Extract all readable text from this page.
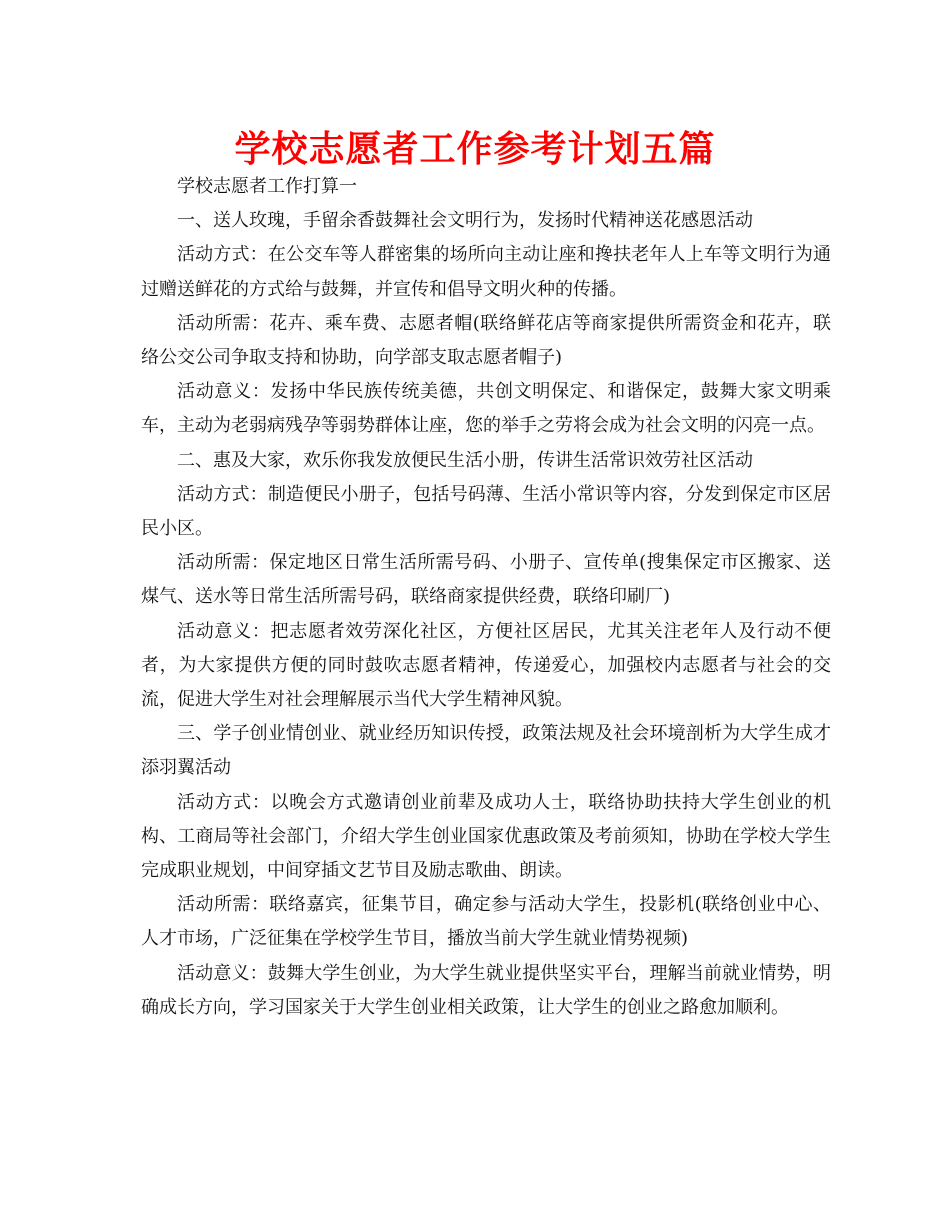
学校志愿者工作参考计划五篇

学校志愿者工作打算一

一、送人玫瑰，手留余香鼓舞社会文明行为，发扬时代精神送花感恩活动

活动方式：在公交车等人群密集的场所向主动让座和搀扶老年人上车等文明行为通过赠送鲜花的方式给与鼓舞，并宣传和倡导文明火种的传播。

活动所需：花卉、乘车费、志愿者帽(联络鲜花店等商家提供所需资金和花卉，联络公交公司争取支持和协助，向学部支取志愿者帽子)

活动意义：发扬中华民族传统美德，共创文明保定、和谐保定，鼓舞大家文明乘车，主动为老弱病残孕等弱势群体让座，您的举手之劳将会成为社会文明的闪亮一点。

二、惠及大家，欢乐你我发放便民生活小册，传讲生活常识效劳社区活动

活动方式：制造便民小册子，包括号码薄、生活小常识等内容，分发到保定市区居民小区。

活动所需：保定地区日常生活所需号码、小册子、宣传单(搜集保定市区搬家、送煤气、送水等日常生活所需号码，联络商家提供经费，联络印刷厂)

活动意义：把志愿者效劳深化社区，方便社区居民，尤其关注老年人及行动不便者，为大家提供方便的同时鼓吹志愿者精神，传递爱心，加强校内志愿者与社会的交流，促进大学生对社会理解展示当代大学生精神风貌。

三、学子创业情创业、就业经历知识传授，政策法规及社会环境剖析为大学生成才添羽翼活动

活动方式：以晚会方式邀请创业前辈及成功人士，联络协助扶持大学生创业的机构、工商局等社会部门，介绍大学生创业国家优惠政策及考前须知，协助在学校大学生完成职业规划，中间穿插文艺节目及励志歌曲、朗读。

活动所需：联络嘉宾，征集节目，确定参与活动大学生，投影机(联络创业中心、人才市场，广泛征集在学校学生节目，播放当前大学生就业情势视频)

活动意义：鼓舞大学生创业，为大学生就业提供坚实平台，理解当前就业情势，明确成长方向，学习国家关于大学生创业相关政策，让大学生的创业之路愈加顺利。
